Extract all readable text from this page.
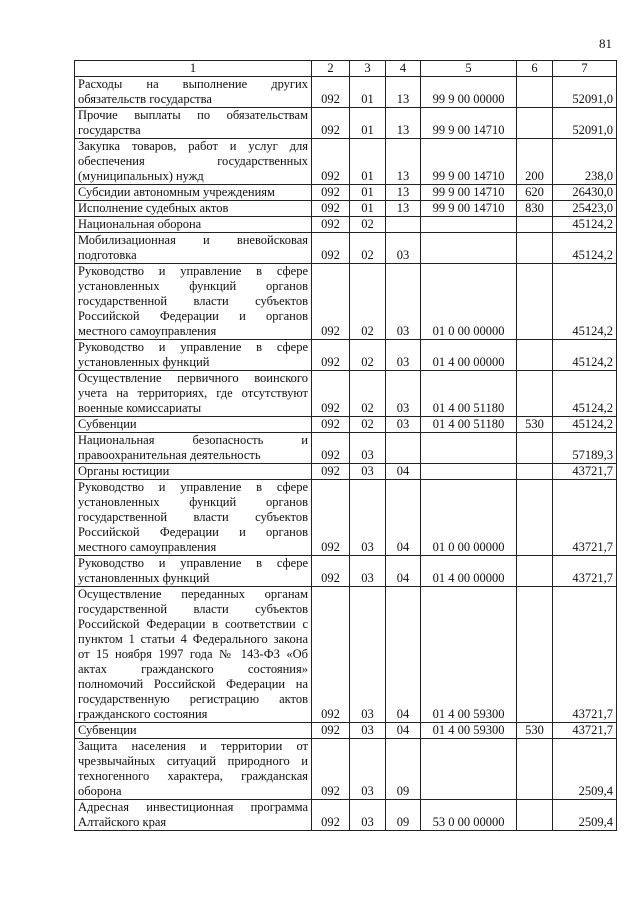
81
1	2	3	4	5	6	7
Расходы на выполнение других обязательств государства	092	01	13	99 9 00 00000		52091,0
Прочие выплаты по обязательствам государства	092	01	13	99 9 00 14710		52091,0
Закупка товаров, работ и услуг для обеспечения государственных (муниципальных) нужд	092	01	13	99 9 00 14710	200	238,0
Субсидии автономным учреждениям	092	01	13	99 9 00 14710	620	26430,0
Исполнение судебных актов	092	01	13	99 9 00 14710	830	25423,0
Национальная оборона	092	02				45124,2
Мобилизационная и вневойсковая подготовка	092	02	03			45124,2
Руководство и управление в сфере установленных функций органов государственной власти субъектов Российской Федерации и органов местного самоуправления	092	02	03	01 0 00 00000		45124,2
Руководство и управление в сфере установленных функций	092	02	03	01 4 00 00000		45124,2
Осуществление первичного воинского учета на территориях, где отсутствуют военные комиссариаты	092	02	03	01 4 00 51180		45124,2
Субвенции	092	02	03	01 4 00 51180	530	45124,2
Национальная безопасность и правоохранительная деятельность	092	03				57189,3
Органы юстиции	092	03	04			43721,7
Руководство и управление в сфере установленных функций органов государственной власти субъектов Российской Федерации и органов местного самоуправления	092	03	04	01 0 00 00000		43721,7
Руководство и управление в сфере установленных функций	092	03	04	01 4 00 00000		43721,7
Осуществление переданных органам государственной власти субъектов Российской Федерации в соответствии с пунктом 1 статьи 4 Федерального закона от 15 ноября 1997 года № 143-ФЗ «Об актах гражданского состояния» полномочий Российской Федерации на государственную регистрацию актов гражданского состояния	092	03	04	01 4 00 59300		43721,7
Субвенции	092	03	04	01 4 00 59300	530	43721,7
Защита населения и территории от чрезвычайных ситуаций природного и техногенного характера, гражданская оборона	092	03	09			2509,4
Адресная инвестиционная программа Алтайского края	092	03	09	53 0 00 00000		2509,4
